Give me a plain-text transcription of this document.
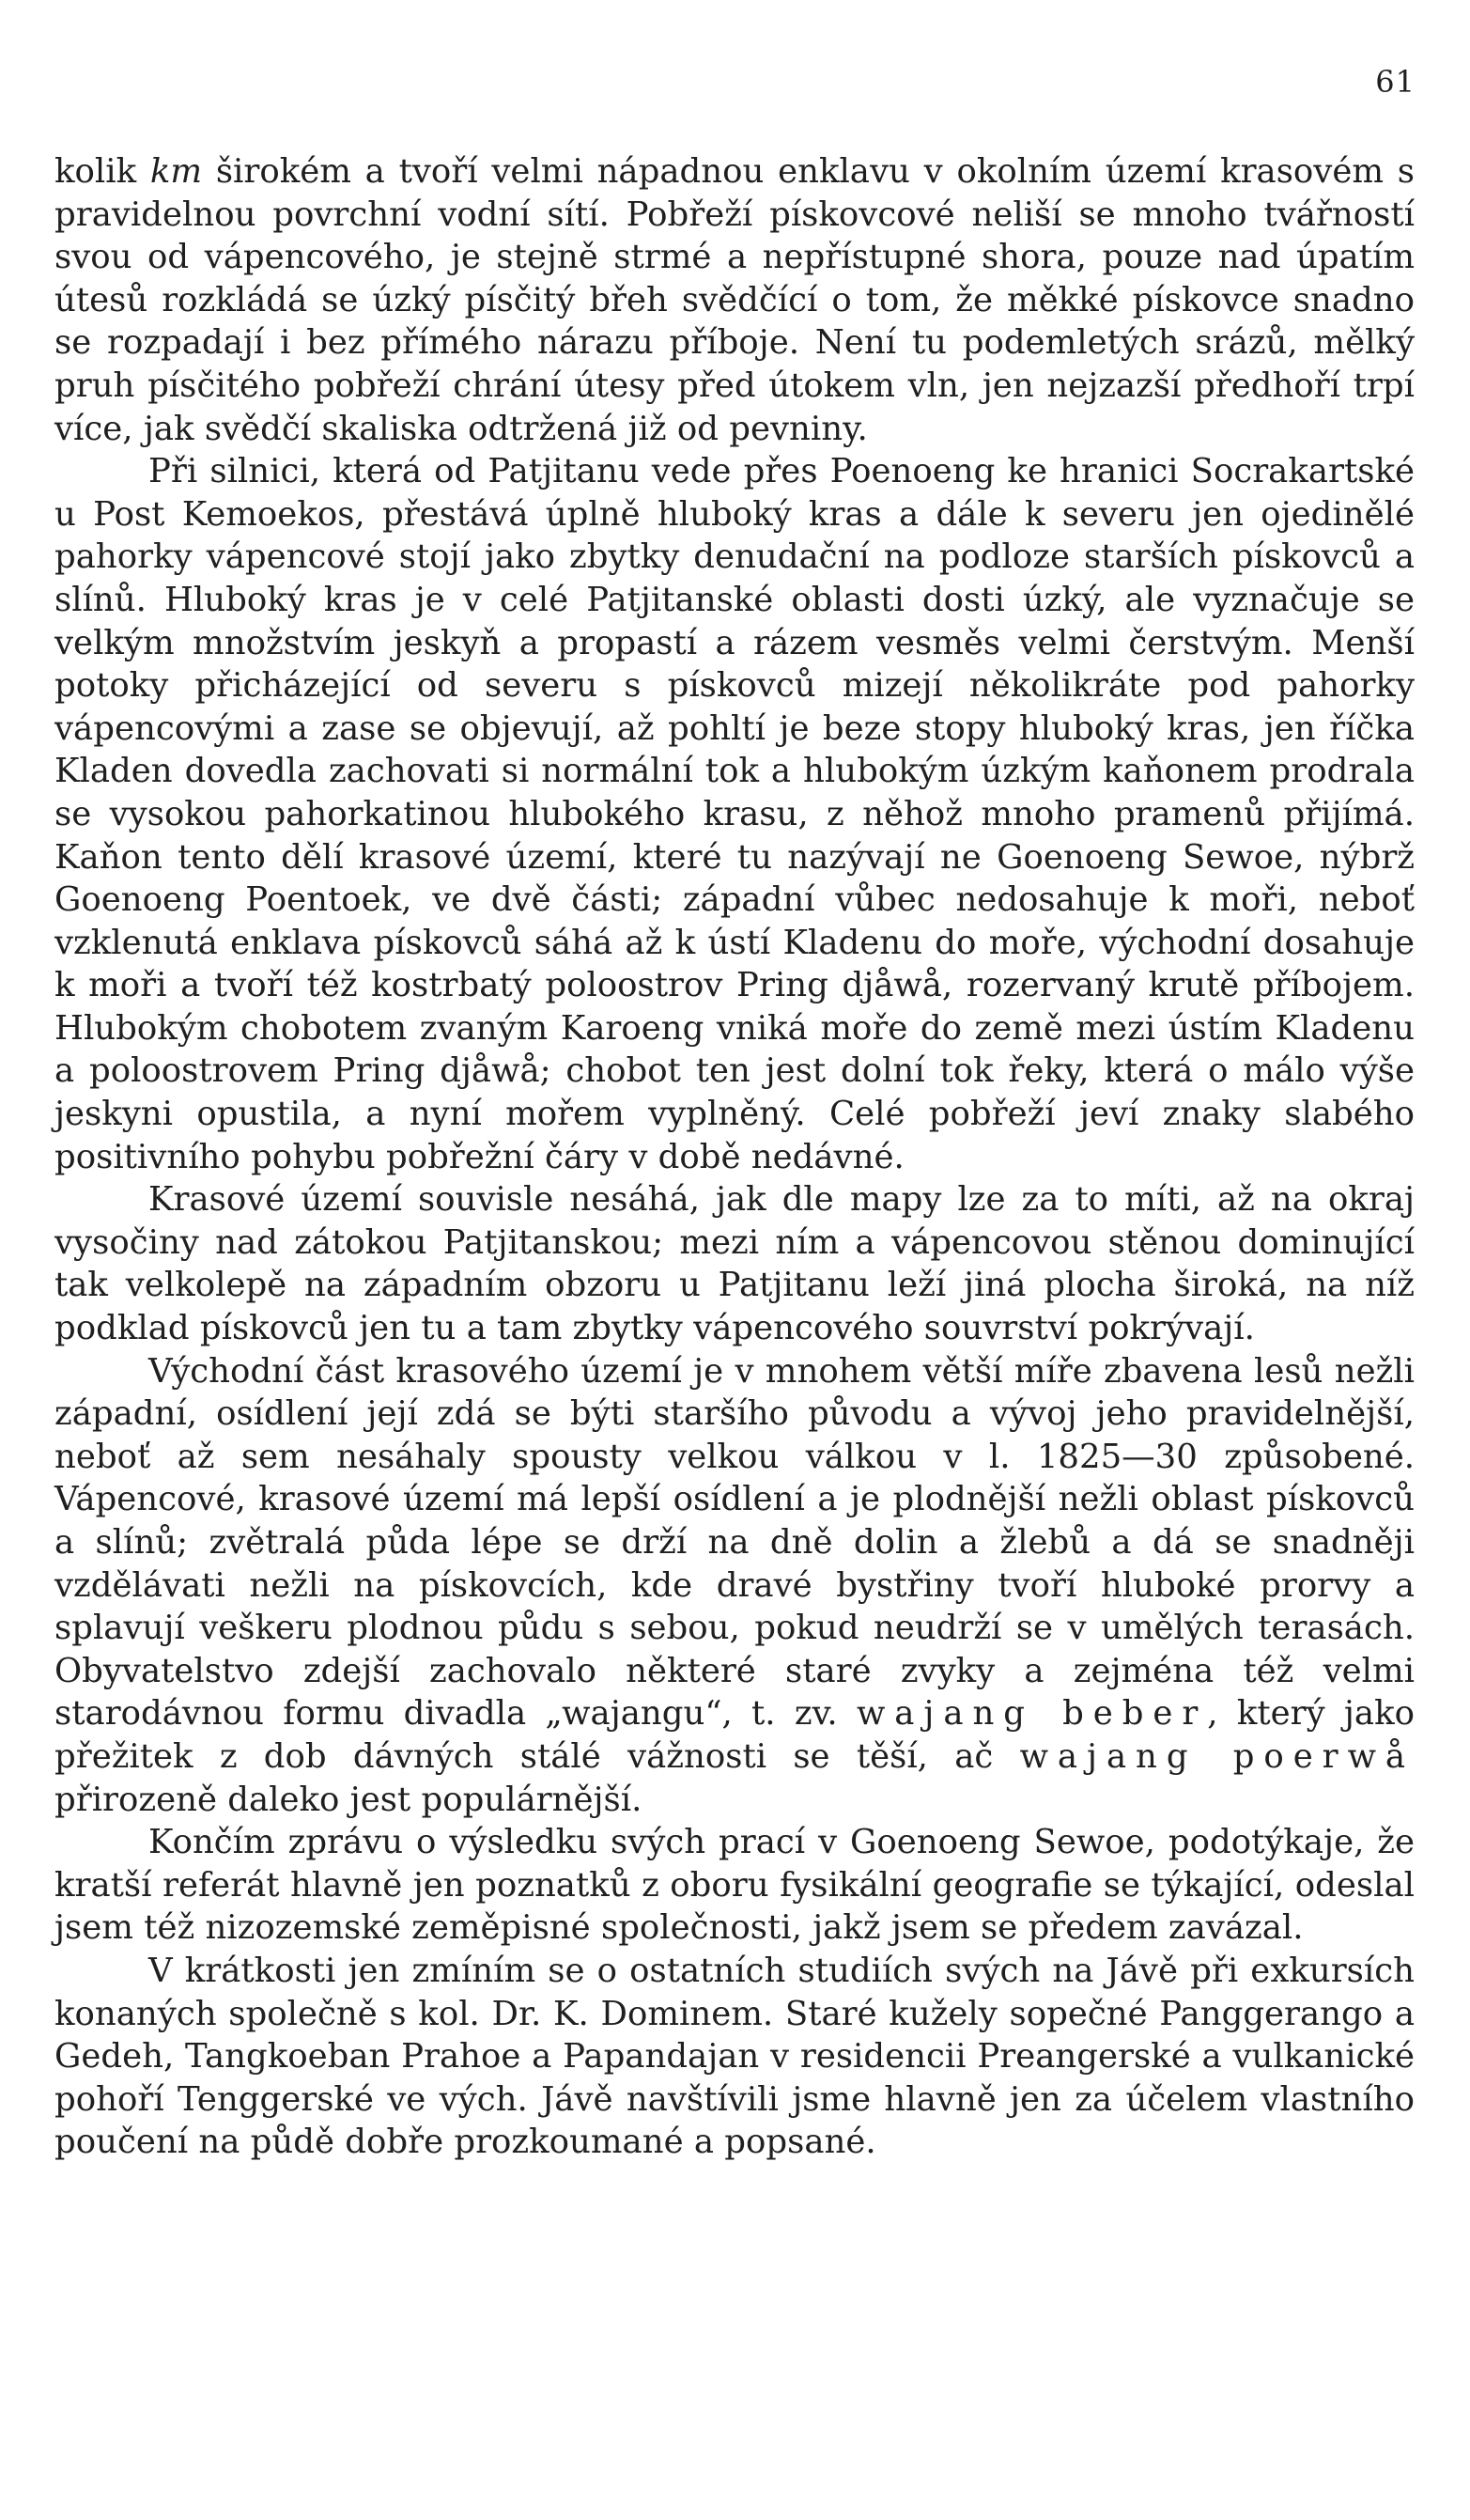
61

kolik km širokém a tvoří velmi nápadnou enklavu v okolním území krasovém s pravidelnou povrchní vodní sítí. Pobřeží pískovcové neliší se mnoho tvářností svou od vápencového, je stejně strmé a nepřístupné shora, pouze nad úpatím útesů rozkládá se úzký písčitý břeh svědčící o tom, že měkké pískovce snadno se rozpadají i bez přímého nárazu příboje. Není tu podemletých srázů, mělký pruh písčitého pobřeží chrání útesy před útokem vln, jen nejzazší předhoří trpí více, jak svědčí skaliska odtržená již od pevniny.

Při silnici, která od Patjitanu vede přes Poenoeng ke hranici Socrakartské u Post Kemoekos, přestává úplně hluboký kras a dále k severu jen ojedinělé pahorky vápencové stojí jako zbytky denudační na podloze starších pískovců a slínů. Hluboký kras je v celé Patjitanské oblasti dosti úzký, ale vyznačuje se velkým množstvím jeskyň a propastí a rázem vesměs velmi čerstvým. Menší potoky přicházející od severu s pískovců mizejí několikráte pod pahorky vápencovými a zase se objevují, až pohltí je beze stopy hluboký kras, jen říčka Kladen dovedla zachovati si normální tok a hlubokým úzkým kaňonem prodrala se vysokou pahorkatinou hlubokého krasu, z něhož mnoho pramenů přijímá. Kaňon tento dělí krasové území, které tu nazývají ne Goenoeng Sewoe, nýbrž Goenoeng Poentoek, ve dvě části; západní vůbec nedosahuje k moři, neboť vzklenutá enklava pískovců sáhá až k ústí Kladenu do moře, východní dosahuje k moři a tvoří též kostrbatý poloostrov Pring djåwå, rozervaný krutě příbojem. Hlubokým chobotem zvaným Karoeng vniká moře do země mezi ústím Kladenu a poloostrovem Pring djåwå; chobot ten jest dolní tok řeky, která o málo výše jeskyni opustila, a nyní mořem vyplněný. Celé pobřeží jeví znaky slabého positivního pohybu pobřežní čáry v době nedávné.

Krasové území souvisle nesáhá, jak dle mapy lze za to míti, až na okraj vysočiny nad zátokou Patjitanskou; mezi ním a vápencovou stěnou dominující tak velkolepě na západním obzoru u Patjitanu leží jiná plocha široká, na níž podklad pískovců jen tu a tam zbytky vápencového souvrství pokrývají.

Východní část krasového území je v mnohem větší míře zbavena lesů nežli západní, osídlení její zdá se býti staršího původu a vývoj jeho pravidelnější, neboť až sem nesáhaly spousty velkou válkou v l. 1825—30 způsobené. Vápencové, krasové území má lepší osídlení a je plodnější nežli oblast pískovců a slínů; zvětralá půda lépe se drží na dně dolin a žlebů a dá se snadněji vzdělávati nežli na pískovcích, kde dravé bystřiny tvoří hluboké prorvy a splavují veškeru plodnou půdu s sebou, pokud neudrží se v umělých terasách. Obyvatelstvo zdejší zachovalo některé staré zvyky a zejména též velmi starodávnou formu divadla „wajangu“, t. zv. wajang beber, který jako přežitek z dob dávných stálé vážnosti se těší, ač wajang poerwå přirozeně daleko jest populárnější.

Končím zprávu o výsledku svých prací v Goenoeng Sewoe, podotýkaje, že kratší referát hlavně jen poznatků z oboru fysikální geografie se týkající, odeslal jsem též nizozemské zeměpisné společnosti, jakž jsem se předem zavázal.

V krátkosti jen zmíním se o ostatních studiích svých na Jávě při exkursích konaných společně s kol. Dr. K. Dominem. Staré kužely sopečné Panggerango a Gedeh, Tangkoeban Prahoe a Papandajan v residencii Preangerské a vulkanické pohoří Tenggerské ve vých. Jávě navštívili jsme hlavně jen za účelem vlastního poučení na půdě dobře prozkoumané a popsané.
